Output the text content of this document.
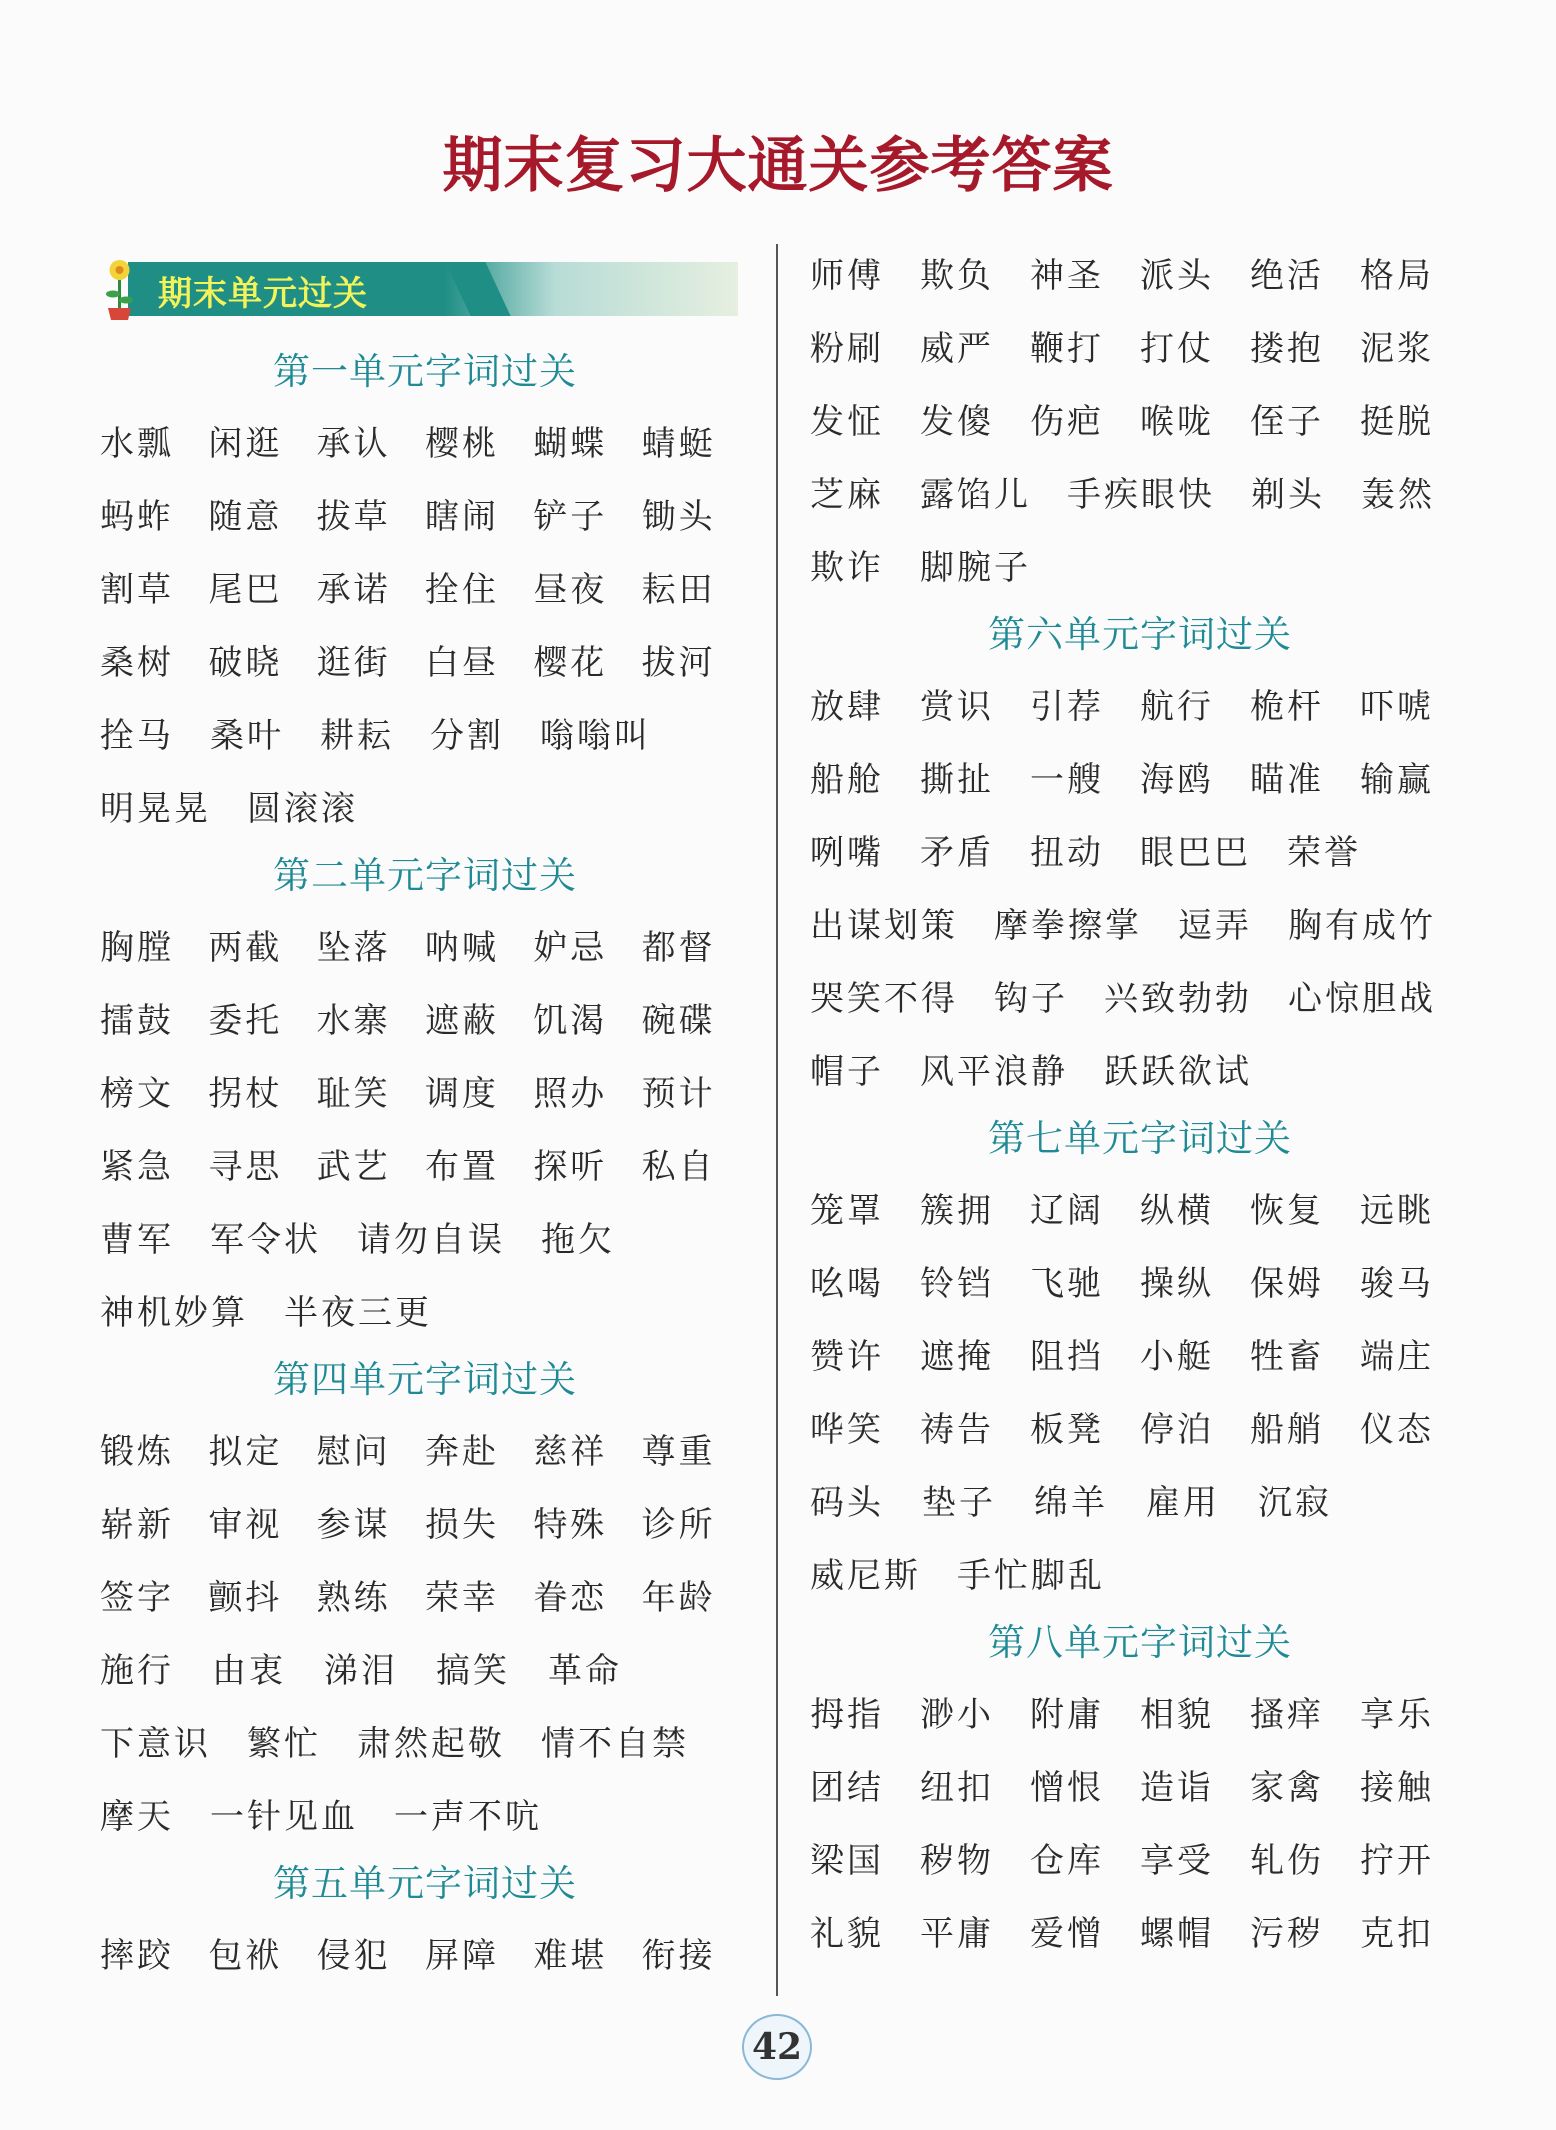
期末复习大通关参考答案
期末单元过关
第一单元字词过关
水瓢	闲逛	承认	樱桃	蝴蝶	蜻蜓
蚂蚱	随意	拔草	瞎闹	铲子	锄头
割草	尾巴	承诺	拴住	昼夜	耘田
桑树	破晓	逛街	白昼	樱花	拔河
拴马 桑叶 耕耘 分割 嗡嗡叫
明晃晃 圆滚滚
第二单元字词过关
胸膛	两截	坠落	呐喊	妒忌	都督
擂鼓	委托	水寨	遮蔽	饥渴	碗碟
榜文	拐杖	耻笑	调度	照办	预计
紧急	寻思	武艺	布置	探听	私自
曹军 军令状 请勿自误 拖欠
神机妙算 半夜三更
第四单元字词过关
锻炼	拟定	慰问	奔赴	慈祥	尊重
崭新	审视	参谋	损失	特殊	诊所
签字	颤抖	熟练	荣幸	眷恋	年龄
施行	由衷	涕泪	搞笑	革命
下意识 繁忙 肃然起敬 情不自禁
摩天 一针见血 一声不吭
第五单元字词过关
摔跤	包袱	侵犯	屏障	难堪	衔接
师傅	欺负	神圣	派头	绝活	格局
粉刷	威严	鞭打	打仗	搂抱	泥浆
发怔	发傻	伤疤	喉咙	侄子	挺脱
芝麻 露馅儿 手疾眼快 剃头 轰然
欺诈 脚腕子
第六单元字词过关
放肆	赏识	引荐	航行	桅杆	吓唬
船舱	撕扯	一艘	海鸥	瞄准	输赢
咧嘴 矛盾 扭动 眼巴巴 荣誉
出谋划策 摩拳擦掌 逗弄 胸有成竹
哭笑不得 钩子 兴致勃勃 心惊胆战
帽子 风平浪静 跃跃欲试
第七单元字词过关
笼罩	簇拥	辽阔	纵横	恢复	远眺
吆喝	铃铛	飞驰	操纵	保姆	骏马
赞许	遮掩	阻挡	小艇	牲畜	端庄
哗笑	祷告	板凳	停泊	船艄	仪态
码头	垫子	绵羊	雇用	沉寂
威尼斯 手忙脚乱
第八单元字词过关
拇指	渺小	附庸	相貌	搔痒	享乐
团结	纽扣	憎恨	造诣	家禽	接触
梁国	秽物	仓库	享受	轧伤	拧开
礼貌	平庸	爱憎	螺帽	污秽	克扣
42
